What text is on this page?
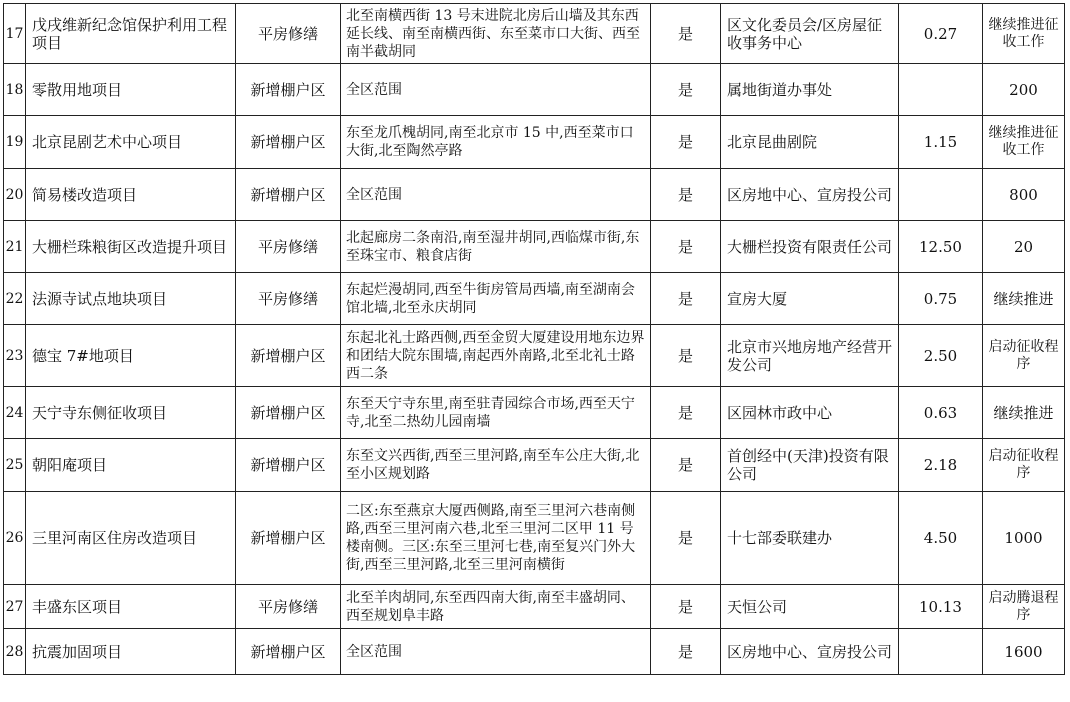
17	戊戌维新纪念馆保护利用工程项目	平房修缮	北至南横西街 13 号末进院北房后山墙及其东西延长线、南至南横西街、东至菜市口大街、西至南半截胡同	是	区文化委员会/区房屋征收事务中心	0.27	继续推进征收工作
18	零散用地项目	新增棚户区	全区范围	是	属地街道办事处		200
19	北京昆剧艺术中心项目	新增棚户区	东至龙爪槐胡同,南至北京市 15 中,西至菜市口大街,北至陶然亭路	是	北京昆曲剧院	1.15	继续推进征收工作
20	简易楼改造项目	新增棚户区	全区范围	是	区房地中心、宣房投公司		800
21	大栅栏珠粮街区改造提升项目	平房修缮	北起廊房二条南沿,南至湿井胡同,西临煤市街,东至珠宝市、粮食店街	是	大栅栏投资有限责任公司	12.50	20
22	法源寺试点地块项目	平房修缮	东起烂漫胡同,西至牛街房管局西墙,南至湖南会馆北墙,北至永庆胡同	是	宣房大厦	0.75	继续推进
23	德宝 7#地项目	新增棚户区	东起北礼士路西侧,西至金贸大厦建设用地东边界和团结大院东围墙,南起西外南路,北至北礼士路西二条	是	北京市兴地房地产经营开发公司	2.50	启动征收程序
24	天宁寺东侧征收项目	新增棚户区	东至天宁寺东里,南至驻青园综合市场,西至天宁寺,北至二热幼儿园南墙	是	区园林市政中心	0.63	继续推进
25	朝阳庵项目	新增棚户区	东至文兴西街,西至三里河路,南至车公庄大街,北至小区规划路	是	首创经中(天津)投资有限公司	2.18	启动征收程序
26	三里河南区住房改造项目	新增棚户区	二区:东至燕京大厦西侧路,南至三里河六巷南侧路,西至三里河南六巷,北至三里河二区甲 11 号楼南侧。三区:东至三里河七巷,南至复兴门外大街,西至三里河路,北至三里河南横街	是	十七部委联建办	4.50	1000
27	丰盛东区项目	平房修缮	北至羊肉胡同,东至西四南大街,南至丰盛胡同、西至规划阜丰路	是	天恒公司	10.13	启动腾退程序
28	抗震加固项目	新增棚户区	全区范围	是	区房地中心、宣房投公司		1600
